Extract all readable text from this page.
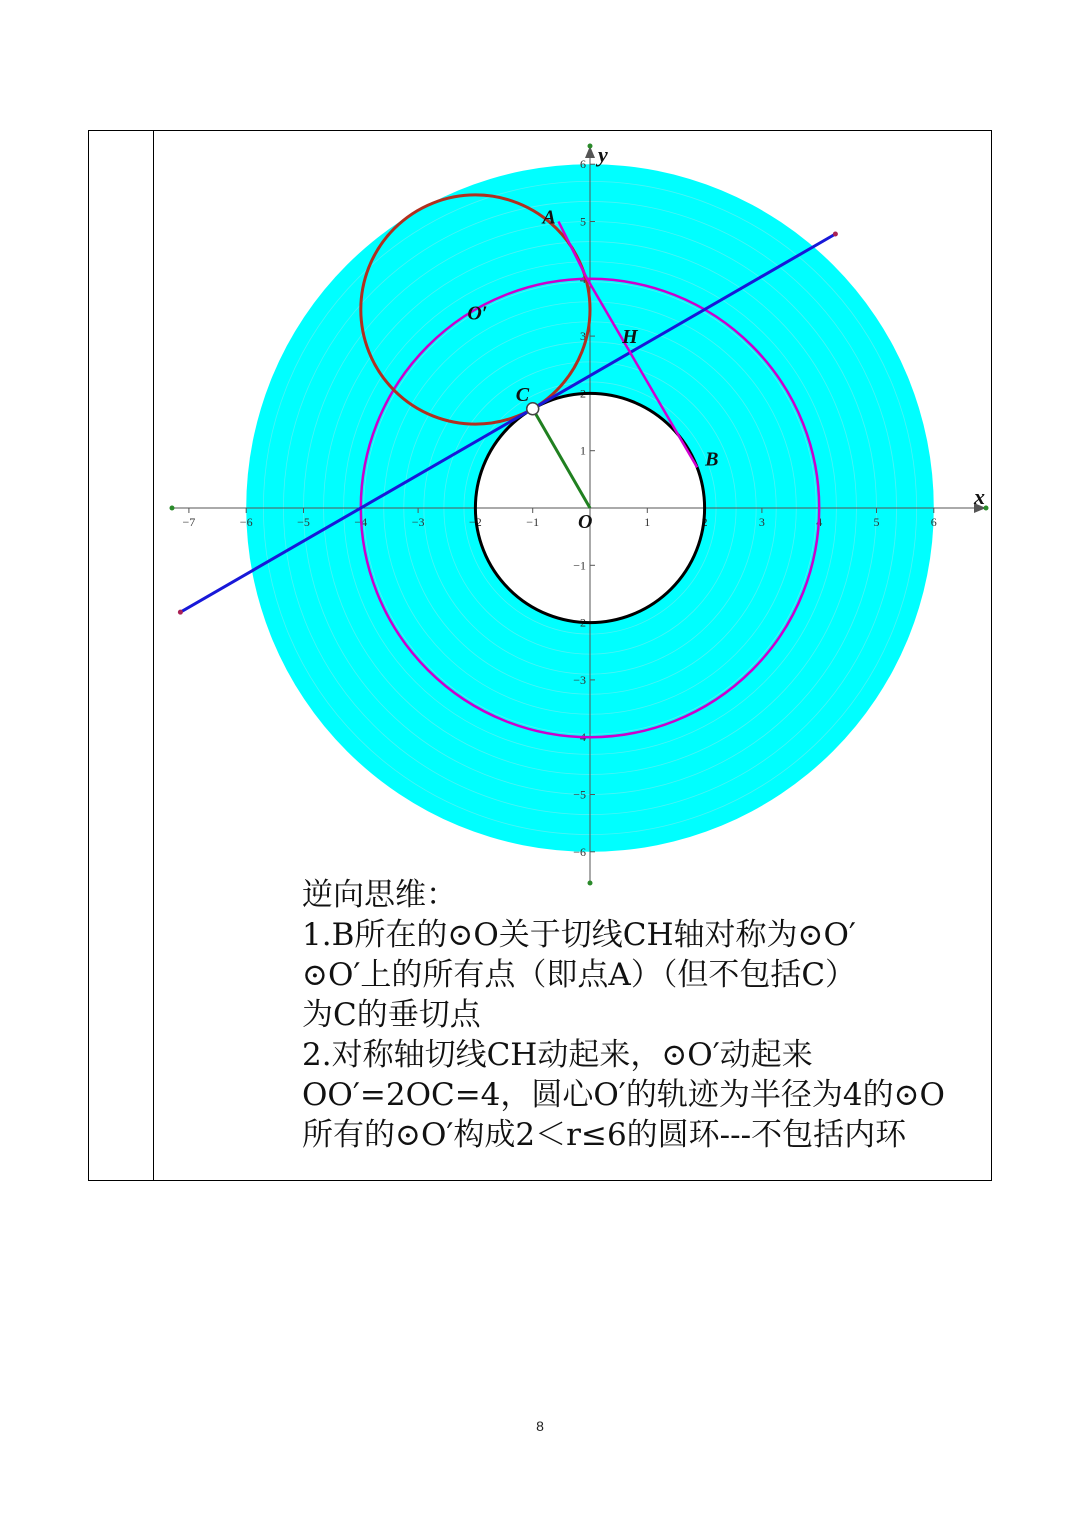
−7	−6	−5	−4	−3	−2	−1	1	2	3	4	5	6
−6
−5
−4
−3
−2
−1
1
2
3
4
5
6
x
y
O
A
B
C
H
O′
逆向思维：
1.B所在的⊙O关于切线CH轴对称为⊙O′
⊙O′上的所有点（即点A）（但不包括C）
为C的垂切点
2.对称轴切线CH动起来，⊙O′动起来
OO′=2OC=4，圆心O′的轨迹为半径为4的⊙O
所有的⊙O′构成2＜r≤6的圆环---不包括内环
8
